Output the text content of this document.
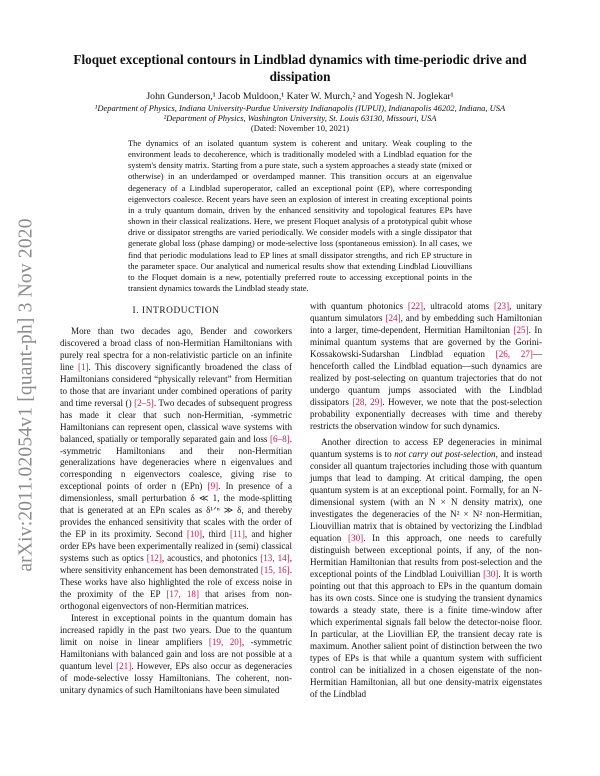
arXiv:2011.02054v1 [quant-ph] 3 Nov 2020
Floquet exceptional contours in Lindblad dynamics with time-periodic drive and
dissipation
John Gunderson,¹ Jacob Muldoon,¹ Kater W. Murch,² and Yogesh N. Joglekar¹
¹Department of Physics, Indiana University-Purdue University Indianapolis (IUPUI), Indianapolis 46202, Indiana, USA
²Department of Physics, Washington University, St. Louis 63130, Missouri, USA
(Dated: November 10, 2021)
The dynamics of an isolated quantum system is coherent and unitary. Weak coupling to the environment leads to decoherence, which is traditionally modeled with a Lindblad equation for the system's density matrix. Starting from a pure state, such a system approaches a steady state (mixed or otherwise) in an underdamped or overdamped manner. This transition occurs at an eigenvalue degeneracy of a Lindblad superoperator, called an exceptional point (EP), where corresponding eigenvectors coalesce. Recent years have seen an explosion of interest in creating exceptional points in a truly quantum domain, driven by the enhanced sensitivity and topological features EPs have shown in their classical realizations. Here, we present Floquet analysis of a prototypical qubit whose drive or dissipator strengths are varied periodically. We consider models with a single dissipator that generate global loss (phase damping) or mode-selective loss (spontaneous emission). In all cases, we find that periodic modulations lead to EP lines at small dissipator strengths, and rich EP structure in the parameter space. Our analytical and numerical results show that extending Lindblad Liouvillians to the Floquet domain is a new, potentially preferred route to accessing exceptional points in the transient dynamics towards the Lindblad steady state.
I. INTRODUCTION

More than two decades ago, Bender and coworkers discovered a broad class of non-Hermitian Hamiltonians with purely real spectra for a non-relativistic particle on an infinite line [1]. This discovery significantly broadened the class of Hamiltonians considered “physically relevant” from Hermitian to those that are invariant under combined operations of parity and time reversal () [2–5]. Two decades of subsequent progress has made it clear that such non-Hermitian, -symmetric Hamiltonians can represent open, classical wave systems with balanced, spatially or temporally separated gain and loss [6–8]. -symmetric Hamiltonians and their non-Hermitian generalizations have degeneracies where n eigenvalues and corresponding n eigenvectors coalesce, giving rise to exceptional points of order n (EPn) [9]. In presence of a dimensionless, small perturbation δ ≪ 1, the mode-splitting that is generated at an EPn scales as δ¹ᐟⁿ ≫ δ, and thereby provides the enhanced sensitivity that scales with the order of the EP in its proximity. Second [10], third [11], and higher order EPs have been experimentally realized in (semi) classical systems such as optics [12], acoustics, and photonics [13, 14], where sensitivity enhancement has been demonstrated [15, 16]. These works have also highlighted the role of excess noise in the proximity of the EP [17, 18] that arises from non-orthogonal eigenvectors of non-Hermitian matrices.

Interest in exceptional points in the quantum domain has increased rapidly in the past two years. Due to the quantum limit on noise in linear amplifiers [19, 20], -symmetric Hamiltonians with balanced gain and loss are not possible at a quantum level [21]. However, EPs also occur as degeneracies of mode-selective lossy Hamiltonians. The coherent, non-unitary dynamics of such Hamiltonians have been simulated

with quantum photonics [22], ultracold atoms [23], unitary quantum simulators [24], and by embedding such Hamiltonian into a larger, time-dependent, Hermitian Hamiltonian [25]. In minimal quantum systems that are governed by the Gorini-Kossakowski-Sudarshan Lindblad equation [26, 27]—henceforth called the Lindblad equation—such dynamics are realized by post-selecting on quantum trajectories that do not undergo quantum jumps associated with the Lindblad dissipators [28, 29]. However, we note that the post-selection probability exponentially decreases with time and thereby restricts the observation window for such dynamics.

Another direction to access EP degeneracies in minimal quantum systems is to not carry out post-selection, and instead consider all quantum trajectories including those with quantum jumps that lead to damping. At critical damping, the open quantum system is at an exceptional point. Formally, for an N-dimensional system (with an N × N density matrix), one investigates the degeneracies of the N² × N² non-Hermitian, Liouvillian matrix that is obtained by vectorizing the Lindblad equation [30]. In this approach, one needs to carefully distinguish between exceptional points, if any, of the non-Hermitian Hamiltonian that results from post-selection and the exceptional points of the Lindblad Louivillian [30]. It is worth pointing out that this approach to EPs in the quantum domain has its own costs. Since one is studying the transient dynamics towards a steady state, there is a finite time-window after which experimental signals fall below the detector-noise floor. In particular, at the Liovillian EP, the transient decay rate is maximum. Another salient point of distinction between the two types of EPs is that while a quantum system with sufficient control can be initialized in a chosen eigenstate of the non-Hermitian Hamiltonian, all but one density-matrix eigenstates of the Lindblad
